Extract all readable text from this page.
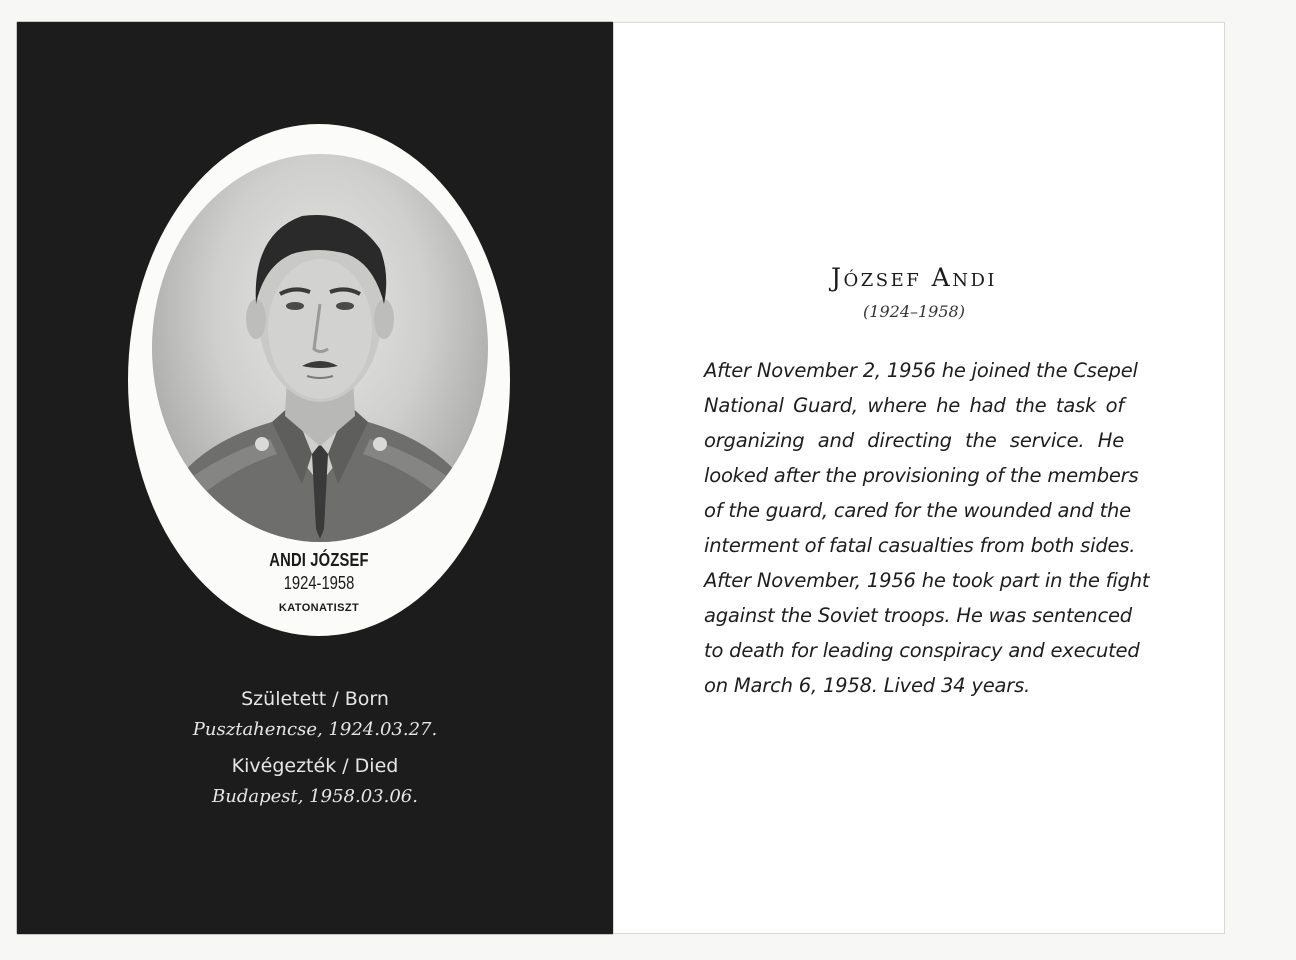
ANDI JÓZSEF
1924-1958
KATONATISZT
Született / Born
Pusztahencse, 1924.03.27.
Kivégezték / Died
Budapest, 1958.03.06.
József Andi
(1924–1958)
After November 2, 1956 he joined the Csepel
National Guard, where he had the task of
organizing and directing the service. He
looked after the provisioning of the members
of the guard, cared for the wounded and the
interment of fatal casualties from both sides.
After November, 1956 he took part in the fight
against the Soviet troops. He was sentenced
to death for leading conspiracy and executed
on March 6, 1958. Lived 34 years.
